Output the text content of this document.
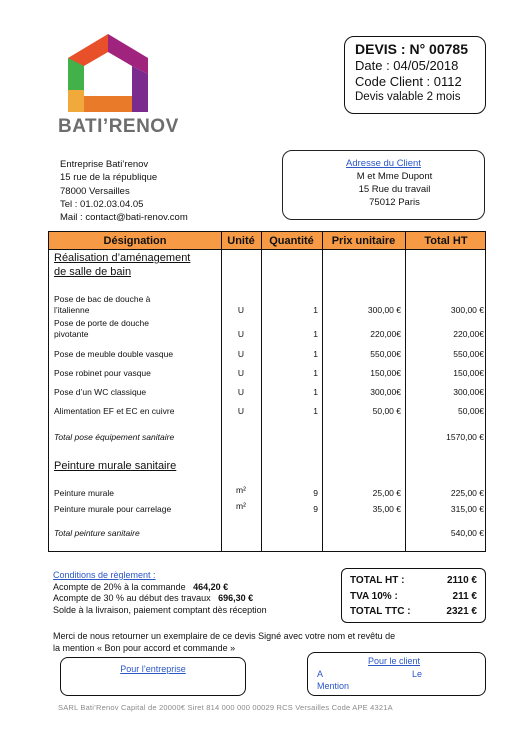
BATI’RENOV
DEVIS : N° 00785
Date : 04/05/2018
Code Client : 0112
Devis valable 2 mois
Entreprise Bati’renov
15 rue de la république
78000 Versailles
Tel : 01.02.03.04.05
Mail : contact@bati-renov.com
Adresse du Client
M et Mme Dupont
15 Rue du travail
75012 Paris
Désignation	Unité	Quantité	Prix unitaire	Total HT
Réalisation d’aménagement
de salle de bain
Pose de bac de douche à
l’italienne	U	1	300,00 €	300,00 €
Pose de porte de douche
pivotante	U	1	220,00€	220,00€
Pose de meuble double vasque	U	1	550,00€	550,00€
Pose robinet pour vasque	U	1	150,00€	150,00€
Pose d’un WC classique	U	1	300,00€	300,00€
Alimentation EF et EC en cuivre	U	1	50,00 €	50,00€
Total pose équipement sanitaire	1570,00 €
Peinture murale sanitaire
Peinture murale	m²	9	25,00 €	225,00 €
Peinture murale pour carrelage	m²	9	35,00 €	315,00 €
Total peinture sanitaire	540,00 €
Conditions de règlement :
Acompte de 20% à la commande 464,20 €
Acompte de 30 % au début des travaux 696,30 €
Solde à la livraison, paiement comptant dès réception
TOTAL HT :	2110 €
TVA 10% :	211 €
TOTAL TTC :	2321 €
Merci de nous retourner un exemplaire de ce devis Signé avec votre nom et revêtu de
la mention « Bon pour accord et commande »
Pour l’entreprise
Pour le client
A	Le
Mention
SARL Bati’Renov Capital de 20000€ Siret 814 000 000 00029 RCS Versailles Code APE 4321A
